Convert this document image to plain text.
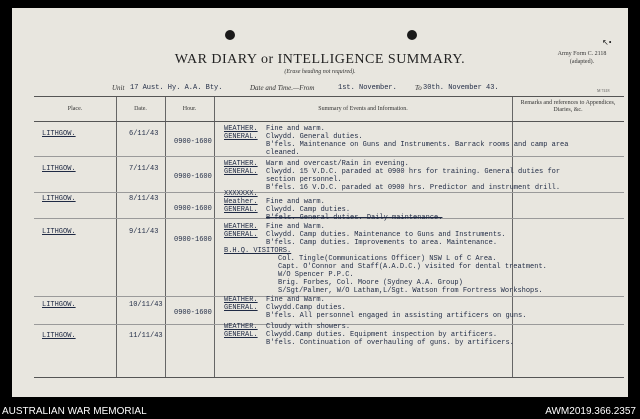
↖•
WAR DIARY or INTELLIGENCE SUMMARY.
(Erase heading not required).
Army Form C. 2118
(adapted).
M 7418
Unit 17 Aust. Hy. A.A. Bty.	Date and Time.—From	1st. November.	To 30th. November 43.
Place.	Date.	Hour.	Summary of Events and Information.
Remarks and references to Appendices, Diaries, &c.
LITHGOW.	6/11/43
0900-1600
WEATHER. Fine and warm.
GENERAL. Clwydd. General duties.
B'fels. Maintenance on Guns and Instruments. Barrack rooms and camp area
cleaned.
LITHGOW.	7/11/43
0900-1600
WEATHER. Warm and overcast/Rain in evening.
GENERAL. Clwydd. 15 V.D.C. paraded at 0900 hrs for training. General duties for
section personnel.
B'fels. 16 V.D.C. paraded at 0900 hrs. Predictor and instrument drill.
LITHGOW.	8/11/43
0900-1600
XXXXXXX.
Weather. Fine and warm.
GENERAL. Clwydd. Camp duties.
B'fels. General duties. Daily maintenance.
LITHGOW.	9/11/43
0900-1600
WEATHER. Fine and Warm.
GENERAL. Clwydd. Camp duties. Maintenance to Guns and Instruments.
B'fels. Camp duties. Improvements to area. Maintenance.
B.H.Q. VISITORS.
Col. Tingle(Communications Officer) NSW L of C Area.
Capt. O'Connor and Staff(A.A.D.C.) visited for dental treatment.
W/O Spencer P.P.C.
Brig. Forbes, Col. Moore (Sydney A.A. Group)
S/Sgt/Palmer, W/O Latham,L/Sgt. Watson from Fortress Workshops.
LITHGOW.	10/11/43
0900-1600
WEATHER. Fine and Warm.
GENERAL. Clwydd.Camp duties.
B'fels. All personnel engaged in assisting artificers on guns.
LITHGOW.	11/11/43
WEATHER. Cloudy with showers.
GENERAL. Clwydd.Camp duties. Equipment inspection by artificers.
B'fels. Continuation of overhauling of guns. by artificers.
AUSTRALIAN WAR MEMORIAL	AWM2019.366.2357
